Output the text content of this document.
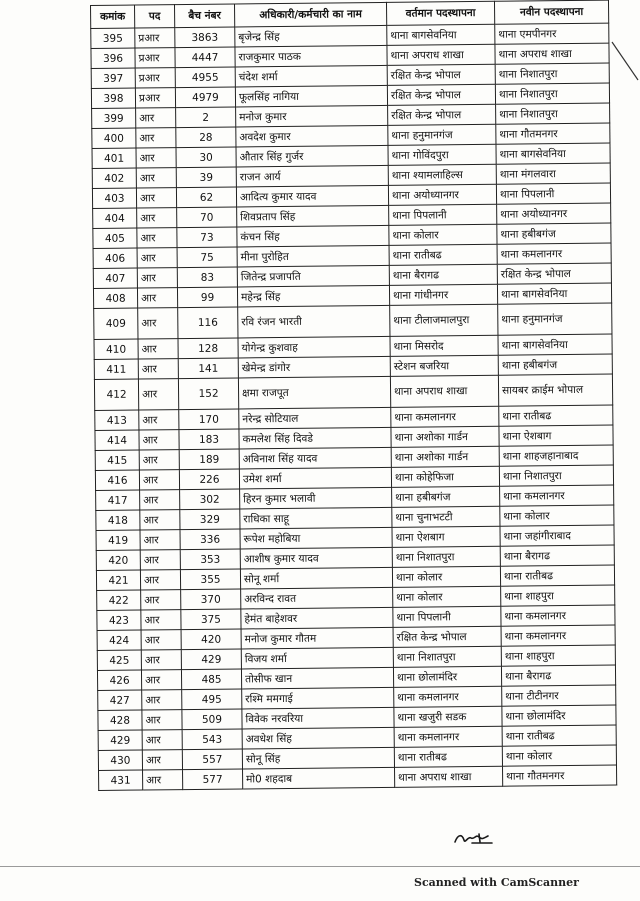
कमांक	पद	बैच नंबर	अधिकारी/कर्मचारी का नाम	वर्तमान पदस्थापना	नवीन पदस्थापना
395	प्रआर	3863	बृजेन्द्र सिंह	थाना बागसेवनिया	थाना एमपीनगर
396	प्रआर	4447	राजकुमार पाठक	थाना अपराध शाखा	थाना अपराध शाखा
397	प्रआर	4955	चंदेश शर्मा	रक्षित केन्द्र भोपाल	थाना निशातपुरा
398	प्रआर	4979	फूलसिंह नागिया	रक्षित केन्द्र भोपाल	थाना निशातपुरा
399	आर	2	मनोज कुमार	रक्षित केन्द्र भोपाल	थाना निशातपुरा
400	आर	28	अवदेश कुमार	थाना हनुमानगंज	थाना गौतमनगर
401	आर	30	औतार सिंह गुर्जर	थाना गोविंदपुरा	थाना बागसेवनिया
402	आर	39	राजन आर्य	थाना श्यामलाहिल्स	थाना मंगलवारा
403	आर	62	आदित्य कुमार यादव	थाना अयोध्यानगर	थाना पिपलानी
404	आर	70	शिवप्रताप सिंह	थाना पिपलानी	थाना अयोध्यानगर
405	आर	73	कंचन सिंह	थाना कोलार	थाना हबीबगंज
406	आर	75	मीना पुरोहित	थाना रातीबढ	थाना कमलानगर
407	आर	83	जितेन्द्र प्रजापति	थाना बैरागढ	रक्षित केन्द्र भोपाल
408	आर	99	महेन्द्र सिंह	थाना गांधीनगर	थाना बागसेवनिया
409	आर	116	रवि रंजन भारती	थाना टीलाजमालपुरा	थाना हनुमानगंज
410	आर	128	योगेन्द्र कुशवाह	थाना मिसरोद	थाना बागसेवनिया
411	आर	141	खेमेन्द्र डांगोर	स्टेशन बजरिया	थाना हबीबगंज
412	आर	152	क्षमा राजपूत	थाना अपराध शाखा	सायबर क्राईम भोपाल
413	आर	170	नरेन्द्र सोटियाल	थाना कमलानगर	थाना रातीबढ
414	आर	183	कमलेश सिंह दिवडे	थाना अशोका गार्डन	थाना ऐशबाग
415	आर	189	अविनाश सिंह यादव	थाना अशोका गार्डन	थाना शाहजहानाबाद
416	आर	226	उमेश शर्मा	थाना कोहेफिजा	थाना निशातपुरा
417	आर	302	हिरन कुमार भलावी	थाना हबीबगंज	थाना कमलानगर
418	आर	329	राधिका साहू	थाना चुनाभटटी	थाना कोलार
419	आर	336	रूपेश महोबिया	थाना ऐशबाग	थाना जहांगीराबाद
420	आर	353	आशीष कुमार यादव	थाना निशातपुरा	थाना बैरागढ
421	आर	355	सोनू शर्मा	थाना कोलार	थाना रातीबढ
422	आर	370	अरविन्द रावत	थाना कोलार	थाना शाहपुरा
423	आर	375	हेमंत बाहेशवर	थाना पिपलानी	थाना कमलानगर
424	आर	420	मनोज कुमार गौतम	रक्षित केन्द्र भोपाल	थाना कमलानगर
425	आर	429	विजय शर्मा	थाना निशातपुरा	थाना शाहपुरा
426	आर	485	तोसीफ खान	थाना छोलामंदिर	थाना बैरागढ
427	आर	495	रश्मि ममगाई	थाना कमलानगर	थाना टीटीनगर
428	आर	509	विवेक नरवरिया	थाना खजुरी सडक	थाना छोलामंदिर
429	आर	543	अवधेश सिंह	थाना कमलानगर	थाना रातीबढ
430	आर	557	सोनू सिंह	थाना रातीबढ	थाना कोलार
431	आर	577	मो0 शहदाब	थाना अपराध शाखा	थाना गौतमनगर
Scanned with CamScanner
